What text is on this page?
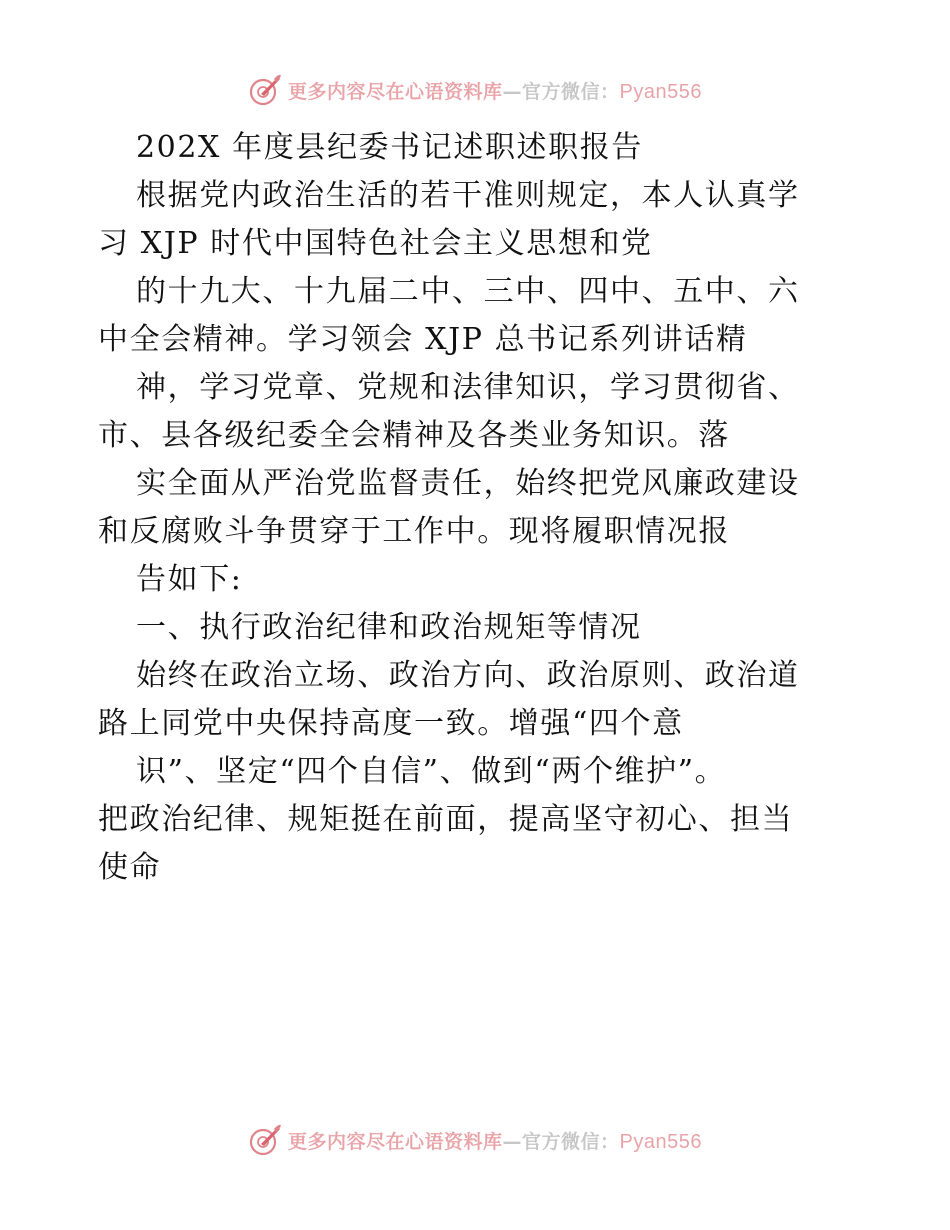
更多内容尽在心语资料库—官方微信：Pyan556
202X 年度县纪委书记述职述职报告
根据党内政治生活的若干准则规定，本人认真学
习 XJP 时代中国特色社会主义思想和党
的十九大、十九届二中、三中、四中、五中、六
中全会精神。学习领会 XJP 总书记系列讲话精
神，学习党章、党规和法律知识，学习贯彻省、
市、县各级纪委全会精神及各类业务知识。落
实全面从严治党监督责任，始终把党风廉政建设
和反腐败斗争贯穿于工作中。现将履职情况报
告如下:
一、执行政治纪律和政治规矩等情况
始终在政治立场、政治方向、政治原则、政治道
路上同党中央保持高度一致。增强“四个意
识”、坚定“四个自信”、做到“两个维护”。
把政治纪律、规矩挺在前面，提高坚守初心、担当
使命
更多内容尽在心语资料库—官方微信：Pyan556
